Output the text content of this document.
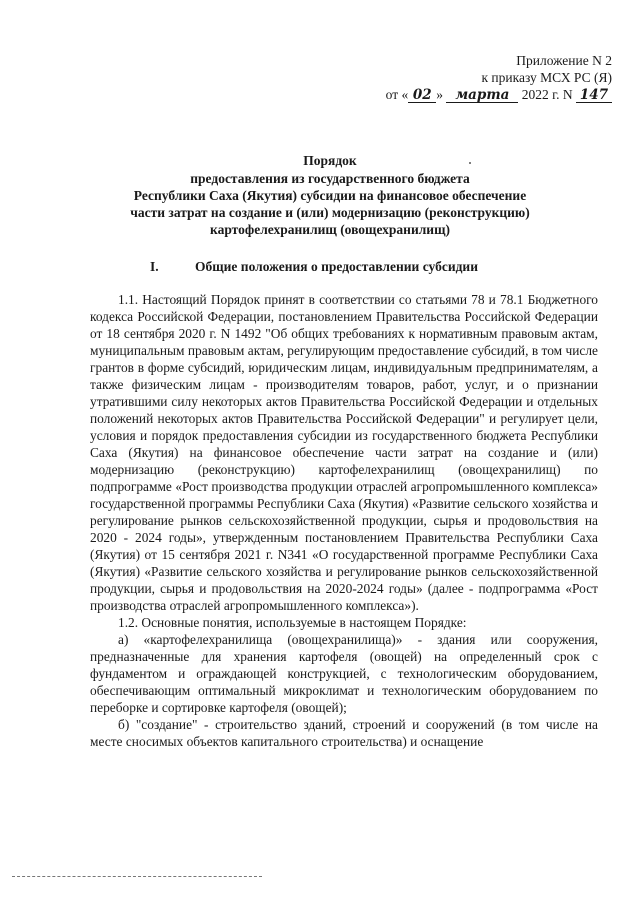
Приложение N 2
к приказу МСХ РС (Я)
от « 02 » марта 2022 г. N 147
Порядок
предоставления из государственного бюджета
Республики Саха (Якутия) субсидии на финансовое обеспечение
части затрат на создание и (или) модернизацию (реконструкцию)
картофелехранилищ (овощехранилищ)
I.	Общие положения о предоставлении субсидии

1.1. Настоящий Порядок принят в соответствии со статьями 78 и 78.1 Бюджетного кодекса Российской Федерации, постановлением Правительства Российской Федерации от 18 сентября 2020 г. N 1492 "Об общих требованиях к нормативным правовым актам, муниципальным правовым актам, регулирующим предоставление субсидий, в том числе грантов в форме субсидий, юридическим лицам, индивидуальным предпринимателям, а также физическим лицам - производителям товаров, работ, услуг, и о признании утратившими силу некоторых актов Правительства Российской Федерации и отдельных положений некоторых актов Правительства Российской Федерации" и регулирует цели, условия и порядок предоставления субсидии из государственного бюджета Республики Саха (Якутия) на финансовое обеспечение части затрат на создание и (или) модернизацию (реконструкцию) картофелехранилищ (овощехранилищ) по подпрограмме «Рост производства продукции отраслей агропромышленного комплекса» государственной программы Республики Саха (Якутия) «Развитие сельского хозяйства и регулирование рынков сельскохозяйственной продукции, сырья и продовольствия на 2020 - 2024 годы», утвержденным постановлением Правительства Республики Саха (Якутия) от 15 сентября 2021 г. N341 «О государственной программе Республики Саха (Якутия) «Развитие сельского хозяйства и регулирование рынков сельскохозяйственной продукции, сырья и продовольствия на 2020-2024 годы» (далее - подпрограмма «Рост производства отраслей агропромышленного комплекса»).

1.2. Основные понятия, используемые в настоящем Порядке:

а) «картофелехранилища (овощехранилища)» - здания или сооружения, предназначенные для хранения картофеля (овощей) на определенный срок с фундаментом и ограждающей конструкцией, с технологическим оборудованием, обеспечивающим оптимальный микроклимат и технологическим оборудованием по переборке и сортировке картофеля (овощей);

б) "создание" - строительство зданий, строений и сооружений (в том числе на месте сносимых объектов капитального строительства) и оснащение
